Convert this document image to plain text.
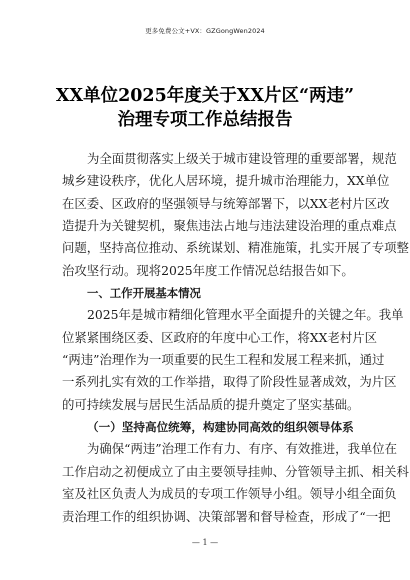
更多免费公文+VX：GZGongWen2024
XX单位2025年度关于XX片区“两违”
治理专项工作总结报告
为全面贯彻落实上级关于城市建设管理的重要部署，规范
城乡建设秩序，优化人居环境，提升城市治理能力，XX单位
在区委、区政府的坚强领导与统筹部署下，以XX老村片区改
造提升为关键契机，聚焦违法占地与违法建设治理的重点难点
问题，坚持高位推动、系统谋划、精准施策，扎实开展了专项整
治攻坚行动。现将2025年度工作情况总结报告如下。
一、工作开展基本情况
2025年是城市精细化管理水平全面提升的关键之年。我单
位紧紧围绕区委、区政府的年度中心工作，将XX老村片区
“两违”治理作为一项重要的民生工程和发展工程来抓，通过
一系列扎实有效的工作举措，取得了阶段性显著成效，为片区
的可持续发展与居民生活品质的提升奠定了坚实基础。
（一）坚持高位统筹，构建协同高效的组织领导体系
为确保“两违”治理工作有力、有序、有效推进，我单位在
工作启动之初便成立了由主要领导挂帅、分管领导主抓、相关科
室及社区负责人为成员的专项工作领导小组。领导小组全面负
责治理工作的组织协调、决策部署和督导检查，形成了“一把
— 1 —
